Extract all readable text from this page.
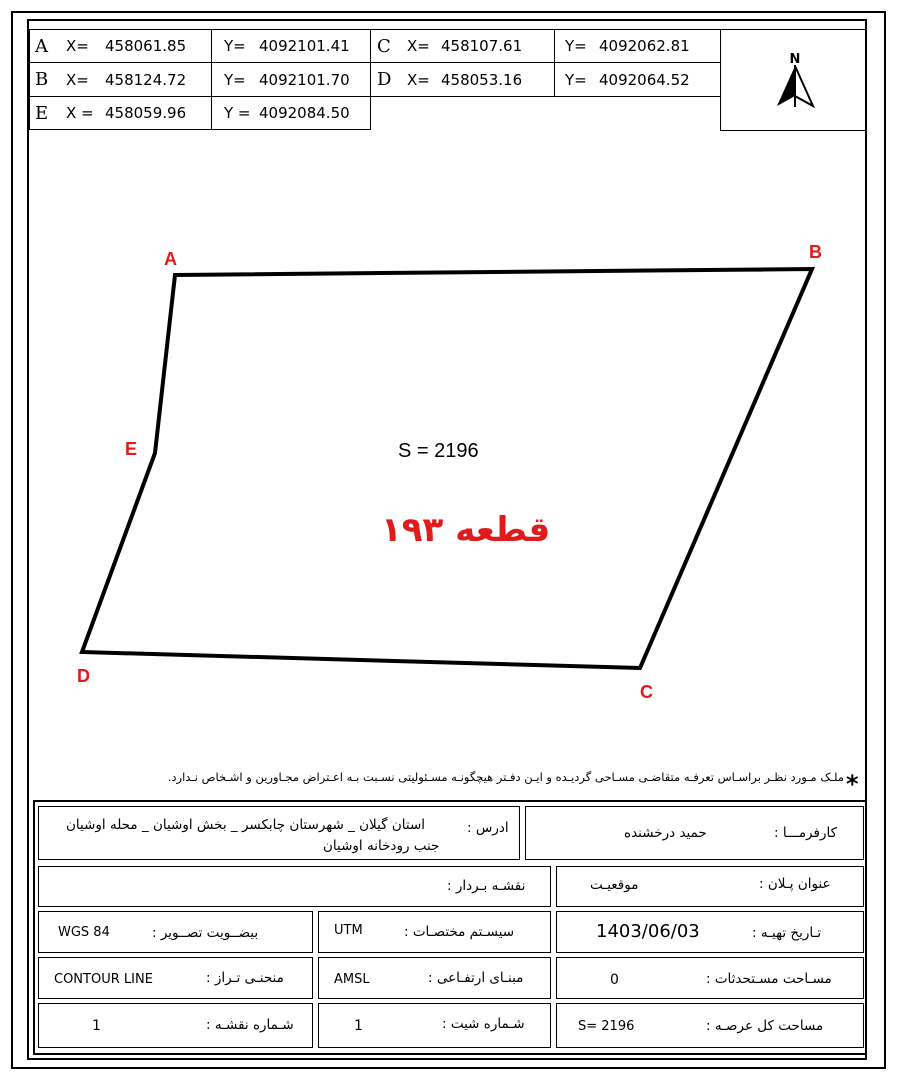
A X= 458061.85	Y= 4092101.41 C X= 458107.61	Y= 4092062.81
B X= 458124.72	Y= 4092101.70 D X= 458053.16	Y= 4092064.52
E X = 458059.96	Y = 4092084.50
N
A	B
C
D
E	S = 2196
قطعه ۱۹۳
*
ملـک مـورد نظـر براسـاس تعرفـه متقاضـی مسـاحی گردیـده و ایـن دفـتر هیچگونـه مسـئولیتی نسـبت بـه اعـتراض مجـاورین و اشـخاص نـدارد.
ادرس :
استان گیلان _ شهرستان چابکسر _ بخش اوشیان _ محله اوشیان
جنب رودخانه اوشیان
کارفرمـــا :
حمید درخشنده
نقشـه بـردار :	عنوان پـلان :
موقعیـت
بیضــویت تصــویر :
WGS 84	سیسـتم مختصـات :
UTM	تـاریخ تهیـه :
1403/06/03
منحنـی تـراز :
CONTOUR LINE	مبنـای ارتفـاعی :
AMSL	مسـاحت مسـتحدثات :
0
شـماره نقشـه :
1	شـماره شیت :
1	مساحت کل عرصـه :
S= 2196
